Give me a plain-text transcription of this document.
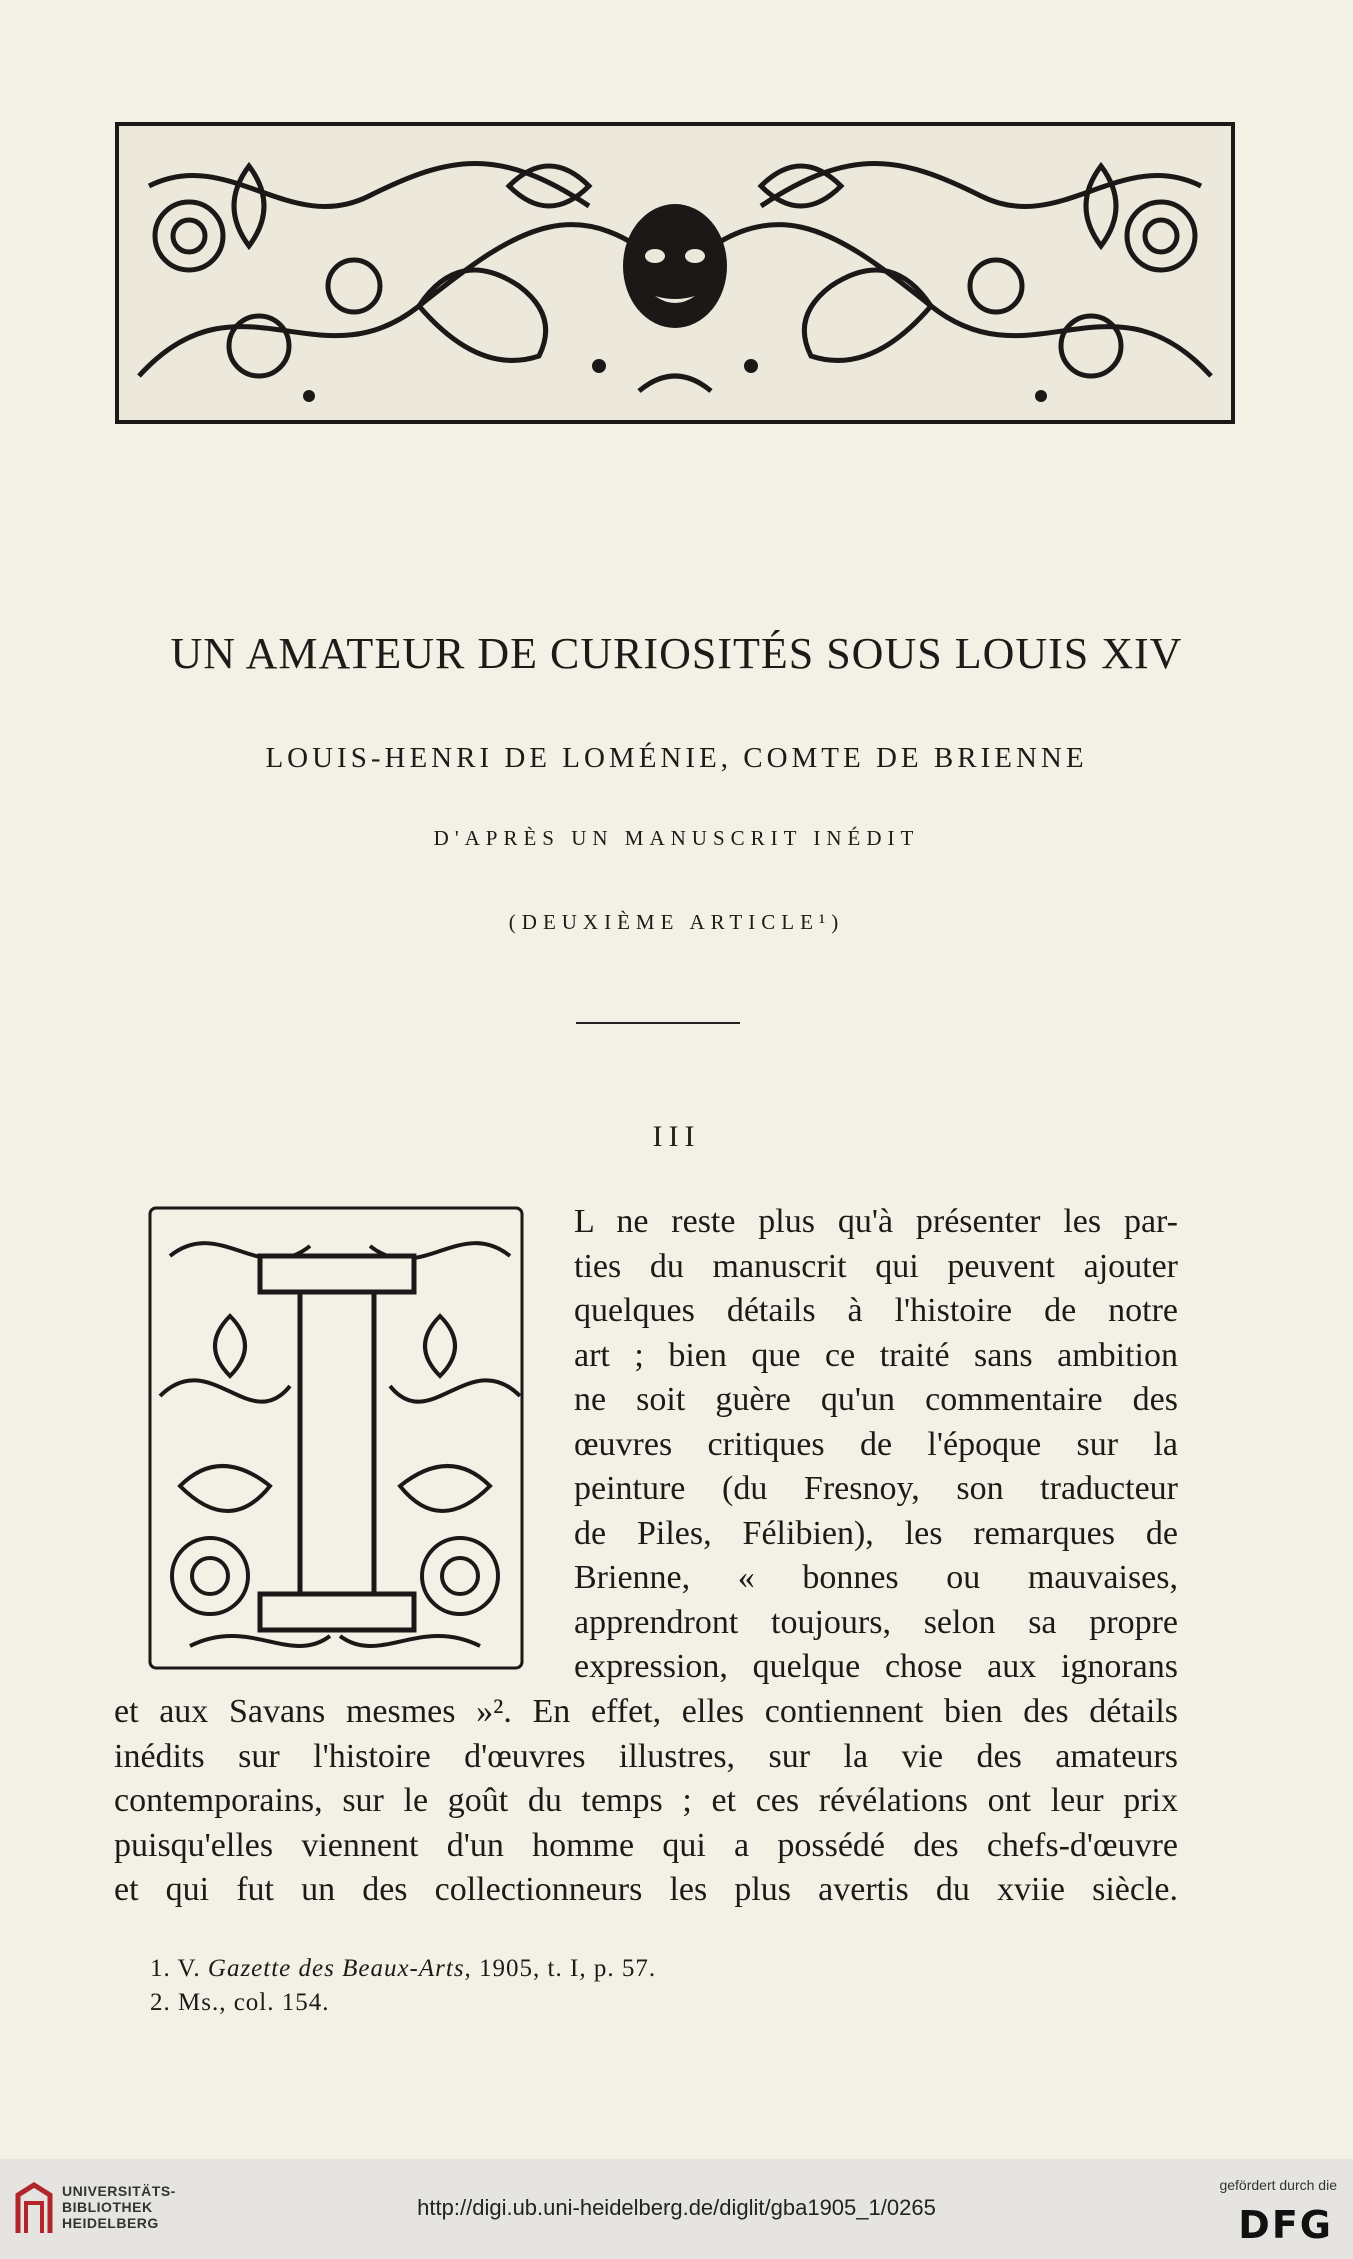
UN AMATEUR DE CURIOSITÉS SOUS LOUIS XIV
LOUIS-HENRI DE LOMÉNIE, COMTE DE BRIENNE
D'APRÈS UN MANUSCRIT INÉDIT
(DEUXIÈME ARTICLE¹)
III
L ne reste plus qu'à présenter les par-
ties du manuscrit qui peuvent ajouter
quelques détails à l'histoire de notre
art ; bien que ce traité sans ambition
ne soit guère qu'un commentaire des
œuvres critiques de l'époque sur la
peinture (du Fresnoy, son traducteur
de Piles, Félibien), les remarques de
Brienne, « bonnes ou mauvaises,
apprendront toujours, selon sa propre
expression, quelque chose aux ignorans
et aux Savans mesmes »². En effet, elles contiennent bien des détails
inédits sur l'histoire d'œuvres illustres, sur la vie des amateurs
contemporains, sur le goût du temps ; et ces révélations ont leur prix
puisqu'elles viennent d'un homme qui a possédé des chefs-d'œuvre
et qui fut un des collectionneurs les plus avertis du xviie siècle.
1. V. Gazette des Beaux-Arts, 1905, t. I, p. 57.
2. Ms., col. 154.
UNIVERSITÄTS-
BIBLIOTHEK
HEIDELBERG
http://digi.ub.uni-heidelberg.de/diglit/gba1905_1/0265
gefördert durch die
DFG
